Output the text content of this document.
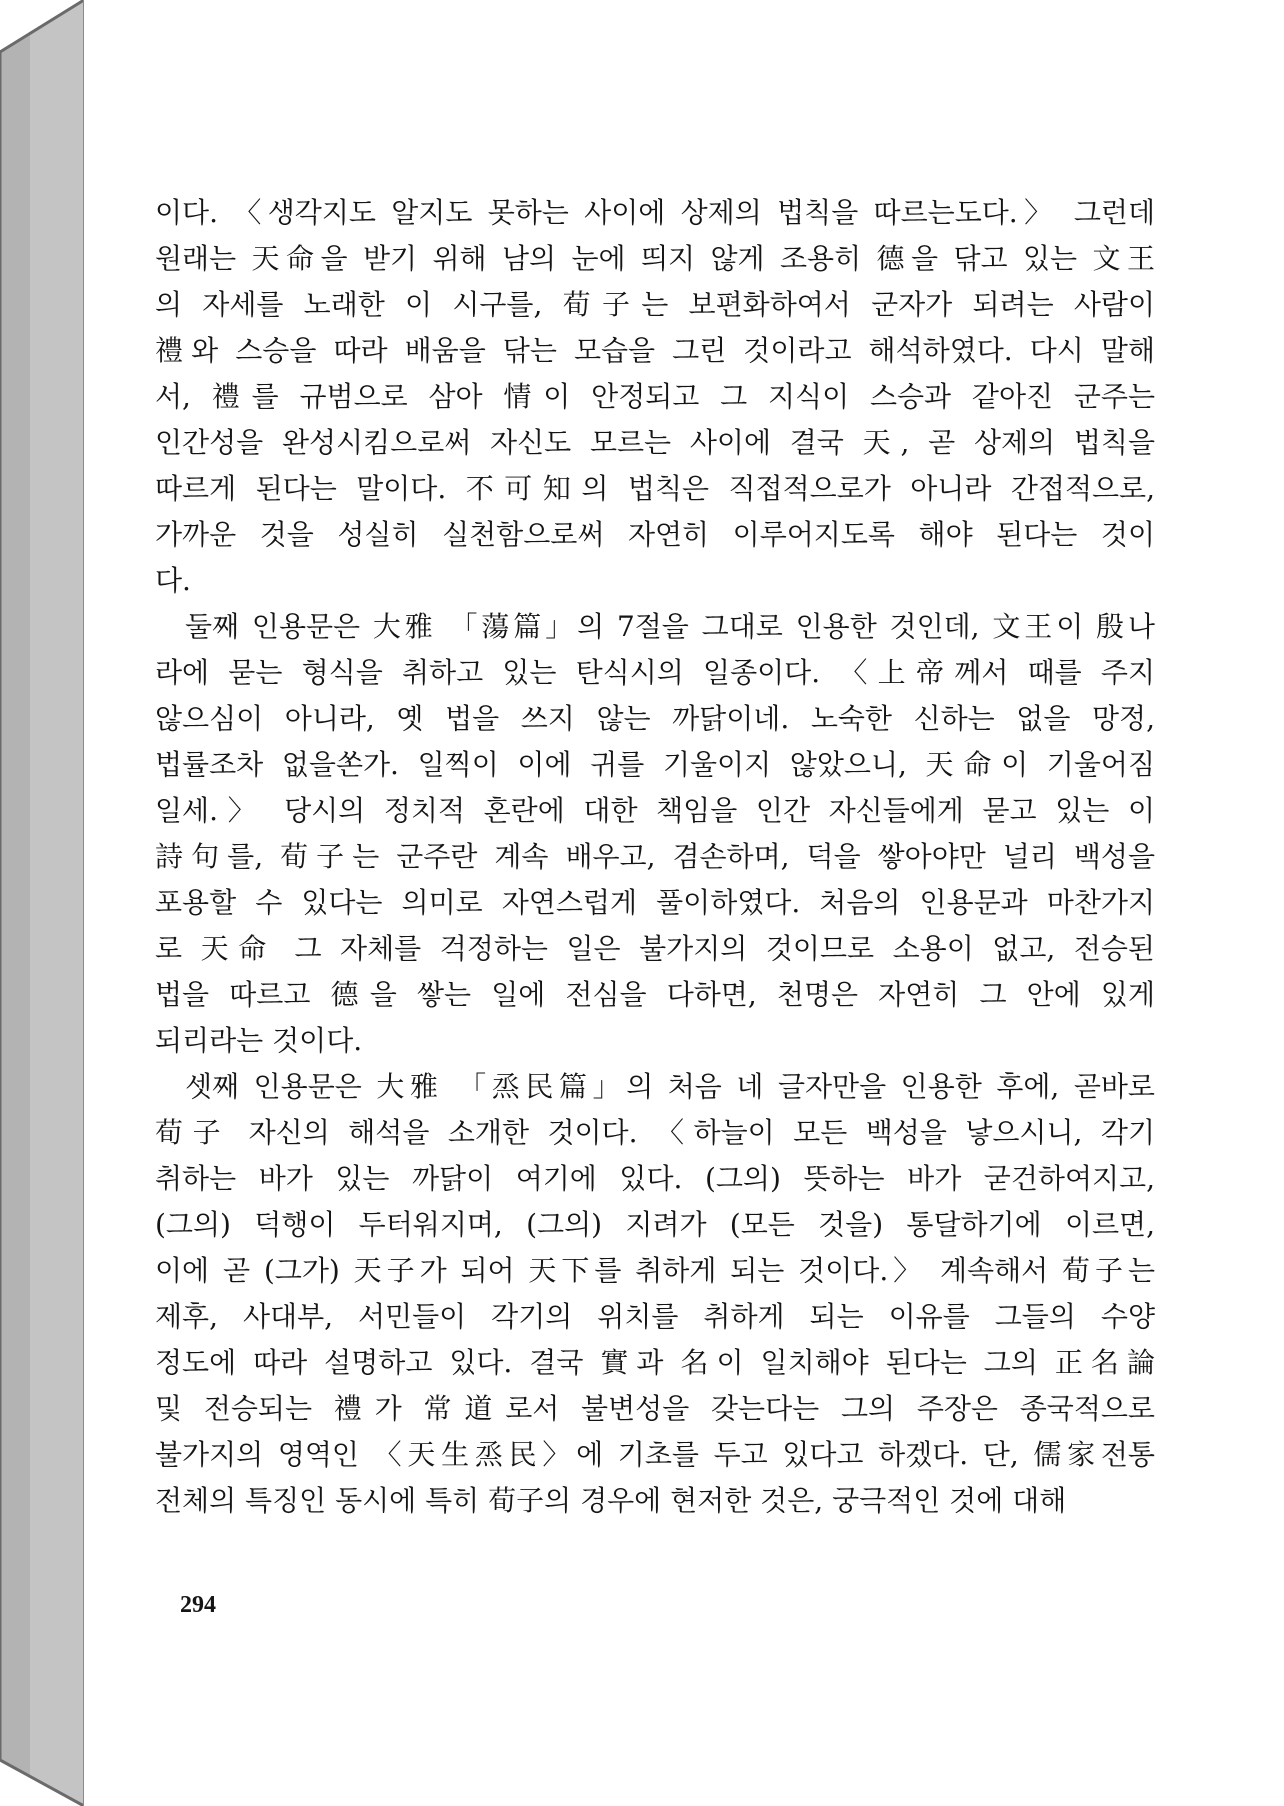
이다. 〈생각지도 알지도 못하는 사이에 상제의 법칙을 따르는도다.〉 그런데
원래는 天命을 받기 위해 남의 눈에 띄지 않게 조용히 德을 닦고 있는 文王
의 자세를 노래한 이 시구를, 荀子는 보편화하여서 군자가 되려는 사람이
禮와 스승을 따라 배움을 닦는 모습을 그린 것이라고 해석하였다. 다시 말해
서, 禮를 규범으로 삼아 情이 안정되고 그 지식이 스승과 같아진 군주는
인간성을 완성시킴으로써 자신도 모르는 사이에 결국 天, 곧 상제의 법칙을
따르게 된다는 말이다. 不可知의 법칙은 직접적으로가 아니라 간접적으로,
가까운 것을 성실히 실천함으로써 자연히 이루어지도록 해야 된다는 것이
다.
둘째 인용문은 大雅 「蕩篇」의 7절을 그대로 인용한 것인데, 文王이 殷나
라에 묻는 형식을 취하고 있는 탄식시의 일종이다. 〈上帝께서 때를 주지
않으심이 아니라, 옛 법을 쓰지 않는 까닭이네. 노숙한 신하는 없을 망정,
법률조차 없을쏜가. 일찍이 이에 귀를 기울이지 않았으니, 天命이 기울어짐
일세.〉 당시의 정치적 혼란에 대한 책임을 인간 자신들에게 묻고 있는 이
詩句를, 荀子는 군주란 계속 배우고, 겸손하며, 덕을 쌓아야만 널리 백성을
포용할 수 있다는 의미로 자연스럽게 풀이하였다. 처음의 인용문과 마찬가지
로 天命 그 자체를 걱정하는 일은 불가지의 것이므로 소용이 없고, 전승된
법을 따르고 德을 쌓는 일에 전심을 다하면, 천명은 자연히 그 안에 있게
되리라는 것이다.
셋째 인용문은 大雅 「烝民篇」의 처음 네 글자만을 인용한 후에, 곧바로
荀子 자신의 해석을 소개한 것이다. 〈하늘이 모든 백성을 낳으시니, 각기
취하는 바가 있는 까닭이 여기에 있다. (그의) 뜻하는 바가 굳건하여지고,
(그의) 덕행이 두터워지며, (그의) 지려가 (모든 것을) 통달하기에 이르면,
이에 곧 (그가) 天子가 되어 天下를 취하게 되는 것이다.〉 계속해서 荀子는
제후, 사대부, 서민들이 각기의 위치를 취하게 되는 이유를 그들의 수양
정도에 따라 설명하고 있다. 결국 實과 名이 일치해야 된다는 그의 正名論
및 전승되는 禮가 常道로서 불변성을 갖는다는 그의 주장은 종국적으로
불가지의 영역인 〈天生烝民〉에 기초를 두고 있다고 하겠다. 단, 儒家전통
전체의 특징인 동시에 특히 荀子의 경우에 현저한 것은, 궁극적인 것에 대해
294
